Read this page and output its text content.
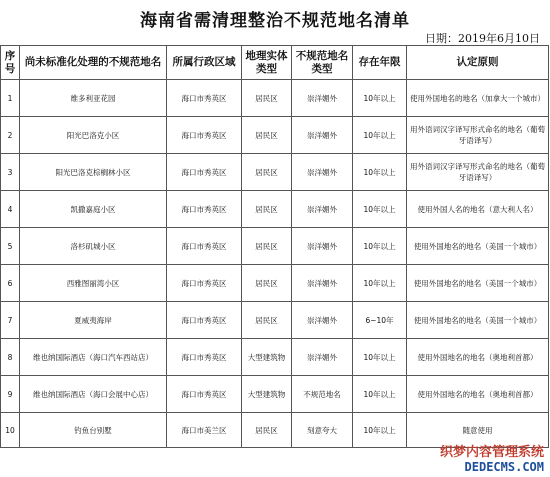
海南省需清理整治不规范地名清单
日期：2019年6月10日
序号	尚未标准化处理的不规范地名	所属行政区域	地理实体类型	不规范地名类型	存在年限	认定原则
1	维多利亚花园	海口市秀英区	居民区	崇洋媚外	10年以上	使用外国地名的地名（加拿大一个城市）
2	阳光巴洛克小区	海口市秀英区	居民区	崇洋媚外	10年以上	用外语词汉字译写形式命名的地名（葡萄牙语译写）
3	阳光巴洛克棕榈林小区	海口市秀英区	居民区	崇洋媚外	10年以上	用外语词汉字译写形式命名的地名（葡萄牙语译写）
4	凯撒嘉庭小区	海口市秀英区	居民区	崇洋媚外	10年以上	使用外国人名的地名（意大利人名）
5	洛杉矶城小区	海口市秀英区	居民区	崇洋媚外	10年以上	使用外国地名的地名（美国一个城市）
6	西雅图丽湾小区	海口市秀英区	居民区	崇洋媚外	10年以上	使用外国地名的地名（美国一个城市）
7	夏威夷海岸	海口市秀英区	居民区	崇洋媚外	6~10年	使用外国地名的地名（美国一个城市）
8	维也纳国际酒店（海口汽车西站店）	海口市秀英区	大型建筑物	崇洋媚外	10年以上	使用外国地名的地名（奥地利首都）
9	维也纳国际酒店（海口会展中心店）	海口市秀英区	大型建筑物	不规范地名	10年以上	使用外国地名的地名（奥地利首都）
10	钓鱼台别墅	海口市美兰区	居民区	刻意夸大	10年以上	随意使用
织梦内容管理系统
DEDECMS.COM
